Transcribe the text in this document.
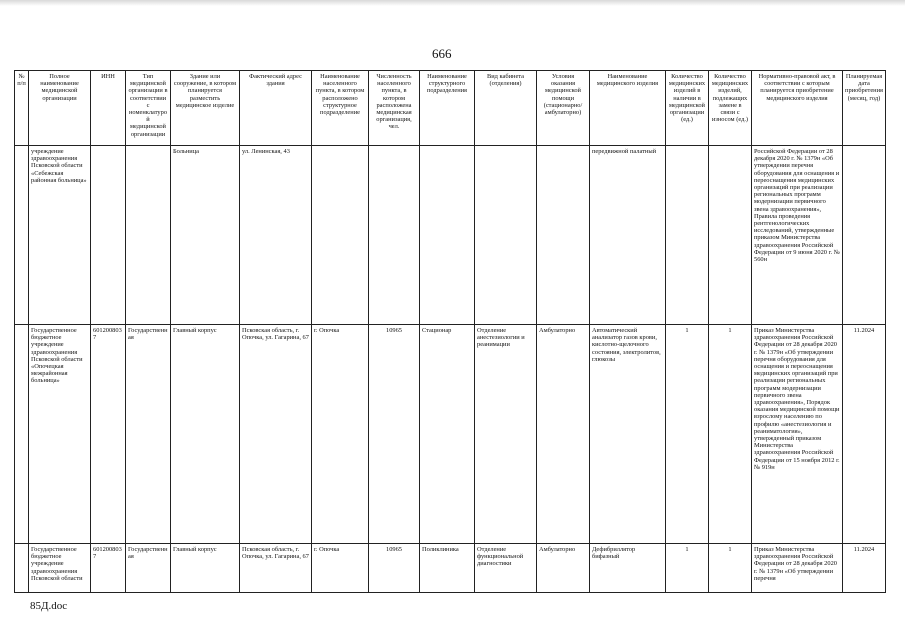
666
№ п/п	Полное наименование медицинской организации	ИНН	Тип медицинской организации в соответствии с номенклатурой медицинской организации	Здание или сооружение, в котором планируется разместить медицинское изделие	Фактический адрес здания	Наименование населенного пункта, в котором расположено структурное подразделение	Численность населенного пункта, в котором расположена медицинская организация, чел.	Наименование структурного подразделения	Вид кабинета (отделения)	Условия оказания медицинской помощи (стационарно/ амбулаторно)	Наименование медицинского изделия	Количество медицинских изделий в наличии в медицинской организации (ед.)	Количество медицинских изделий, подлежащих замене в связи с износом (ед.)	Нормативно-правовой акт, в соответствии с которым планируется приобретение медицинского изделия	Планируемая дата приобретения (месяц, год)
	учреждение здравоохранения Псковской области «Себежская районная больница»			Больница	ул. Ленинская, 43						передвижной палатный			Российской Федерации от 28 декабря 2020 г. № 1379н «Об утверждении перечня оборудования для оснащения и переоснащения медицинских организаций при реализации региональных программ модернизации первичного звена здравоохранения», Правила проведения рентгенологических исследований, утвержденные приказом Министерства здравоохранения Российской Федерации от 9 июня 2020 г. № 560н	
	Государственное бюджетное учреждение здравоохранения Псковской области «Опочецкая межрайонная больница»	6012008037	Государственная	Главный корпус	Псковская область, г. Опочка, ул. Гагарина, 67	г. Опочка	10965	Стационар	Отделение анестезиологии и реанимации	Амбулаторно	Автоматический анализатор газов крови, кислотно-щелочного состояния, электролитов, глюкозы	1	1	Приказ Министерства здравоохранения Российской Федерации от 28 декабря 2020 г. № 1379н «Об утверждении перечня оборудования для оснащения и переоснащения медицинских организаций при реализации региональных программ модернизации первичного звена здравоохранения», Порядок оказания медицинской помощи взрослому населению по профилю «анестезиология и реаниматология», утвержденный приказом Министерства здравоохранения Российской Федерации от 15 ноября 2012 г. № 919н	11.2024
	Государственное бюджетное учреждение здравоохранения Псковской области	6012008037	Государственная	Главный корпус	Псковская область, г. Опочка, ул. Гагарина, 67	г. Опочка	10965	Поликлиника	Отделение функциональной диагностики	Амбулаторно	Дефибриллятор бифазный	1	1	Приказ Министерства здравоохранения Российской Федерации от 28 декабря 2020 г. № 1379н «Об утверждении перечня	11.2024
85Д.doc
